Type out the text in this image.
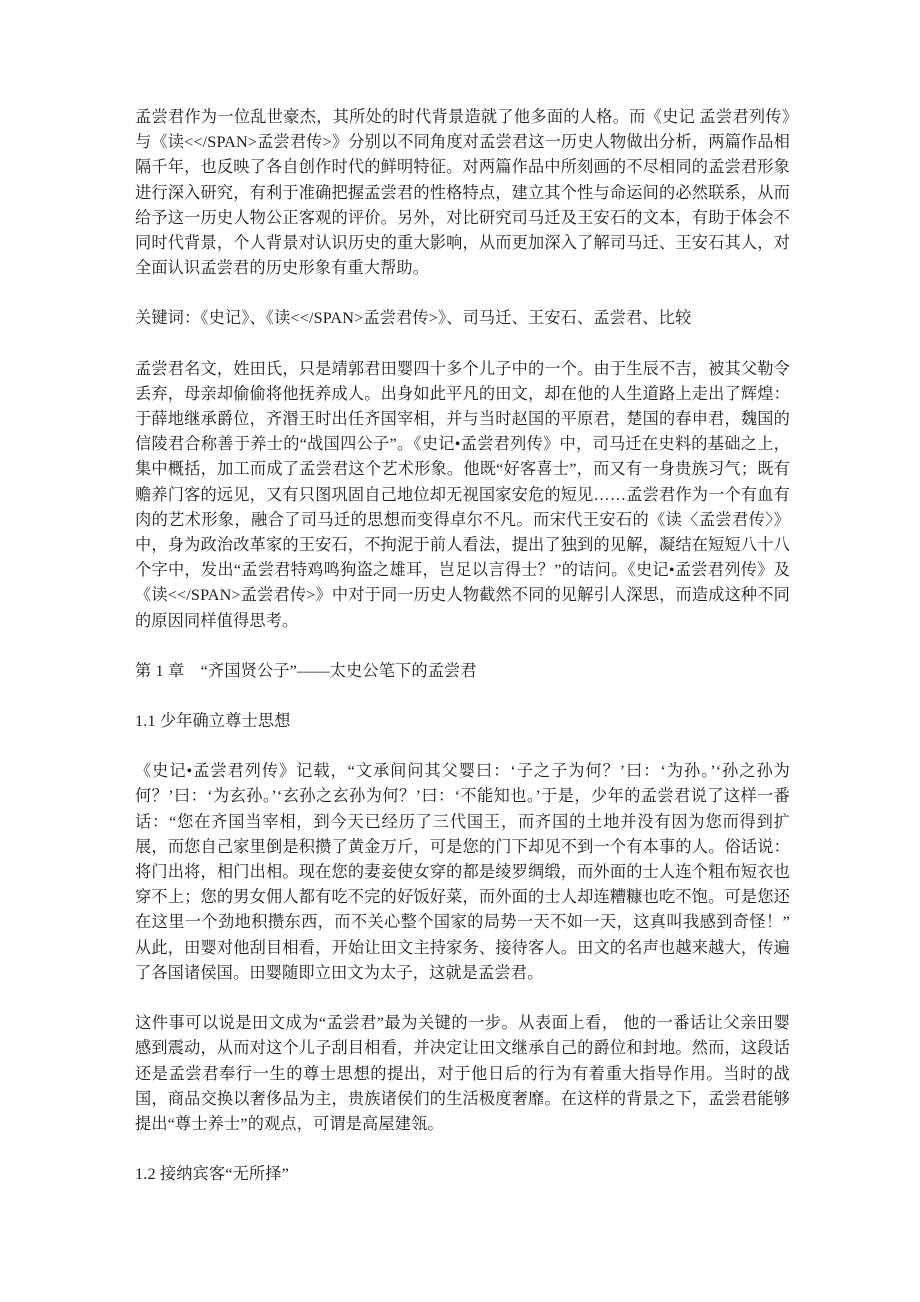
孟尝君作为一位乱世豪杰，其所处的时代背景造就了他多面的人格。而《史记 孟尝君列传》与《读<</SPAN>孟尝君传>》分别以不同角度对孟尝君这一历史人物做出分析，两篇作品相隔千年，也反映了各自创作时代的鲜明特征。对两篇作品中所刻画的不尽相同的孟尝君形象进行深入研究，有利于准确把握孟尝君的性格特点，建立其个性与命运间的必然联系，从而给予这一历史人物公正客观的评价。另外，对比研究司马迁及王安石的文本，有助于体会不同时代背景，个人背景对认识历史的重大影响，从而更加深入了解司马迁、王安石其人，对全面认识孟尝君的历史形象有重大帮助。

关键词：《史记》、《读<</SPAN>孟尝君传>》、司马迁、王安石、孟尝君、比较

孟尝君名文，姓田氏，只是靖郭君田婴四十多个儿子中的一个。由于生辰不吉，被其父勒令丢弃，母亲却偷偷将他抚养成人。出身如此平凡的田文，却在他的人生道路上走出了辉煌：于薛地继承爵位，齐湣王时出任齐国宰相，并与当时赵国的平原君，楚国的春申君，魏国的信陵君合称善于养士的“战国四公子”。《史记•孟尝君列传》中，司马迁在史料的基础之上，集中概括，加工而成了孟尝君这个艺术形象。他既“好客喜士”，而又有一身贵族习气；既有赡养门客的远见，又有只图巩固自己地位却无视国家安危的短见……孟尝君作为一个有血有肉的艺术形象，融合了司马迁的思想而变得卓尔不凡。而宋代王安石的《读〈孟尝君传〉》中，身为政治改革家的王安石，不拘泥于前人看法，提出了独到的见解，凝结在短短八十八个字中，发出“孟尝君特鸡鸣狗盗之雄耳，岂足以言得士？”的诘问。《史记•孟尝君列传》及《读<</SPAN>孟尝君传>》中对于同一历史人物截然不同的见解引人深思，而造成这种不同的原因同样值得思考。

第 1 章　“齐国贤公子”——太史公笔下的孟尝君
1.1 少年确立尊士思想

《史记•孟尝君列传》记载，“文承间问其父婴曰：‘子之子为何？’曰：‘为孙。’‘孙之孙为何？’曰：‘为玄孙。’‘玄孙之玄孙为何？’曰：‘不能知也。’于是，少年的孟尝君说了这样一番话：“您在齐国当宰相，到今天已经历了三代国王，而齐国的土地并没有因为您而得到扩展，而您自己家里倒是积攒了黄金万斤，可是您的门下却见不到一个有本事的人。俗话说：将门出将，相门出相。现在您的妻妾使女穿的都是绫罗绸缎，而外面的士人连个粗布短衣也穿不上；您的男女佣人都有吃不完的好饭好菜，而外面的士人却连糟糠也吃不饱。可是您还在这里一个劲地积攒东西，而不关心整个国家的局势一天不如一天，这真叫我感到奇怪！”从此，田婴对他刮目相看，开始让田文主持家务、接待客人。田文的名声也越来越大，传遍了各国诸侯国。田婴随即立田文为太子，这就是孟尝君。

这件事可以说是田文成为“孟尝君”最为关键的一步。从表面上看， 他的一番话让父亲田婴感到震动，从而对这个儿子刮目相看，并决定让田文继承自己的爵位和封地。然而，这段话还是孟尝君奉行一生的尊士思想的提出，对于他日后的行为有着重大指导作用。当时的战国，商品交换以奢侈品为主，贵族诸侯们的生活极度奢靡。在这样的背景之下，孟尝君能够提出“尊士养士”的观点，可谓是高屋建瓴。

1.2 接纳宾客“无所择”
